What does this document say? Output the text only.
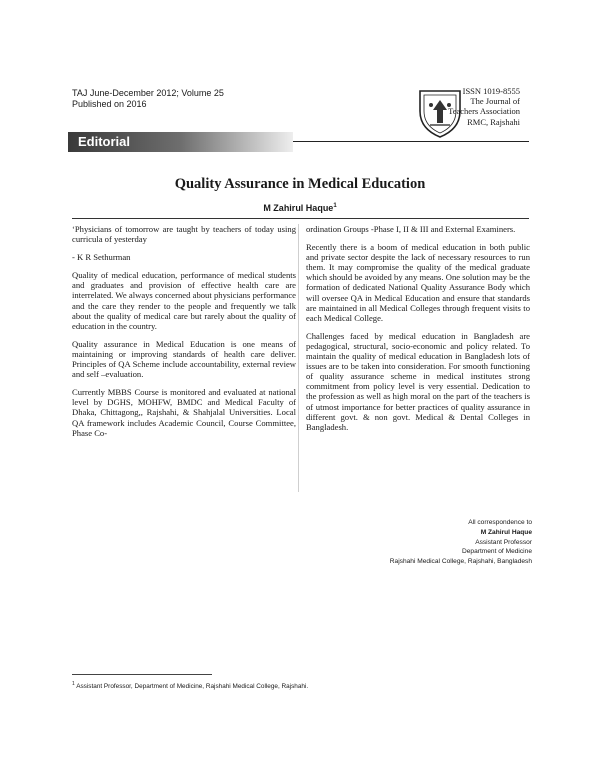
TAJ June-December 2012; Volume 25
Published on 2016
ISSN 1019-8555
The Journal of
Teachers Association
RMC, Rajshahi
Editorial
Quality Assurance in Medical Education
M Zahirul Haque$^1$

‘Physicians of tomorrow are taught by teachers of today using curricula of yesterday

- K R Sethurman

Quality of medical education, performance of medical students and graduates and provision of effective health care are interrelated. We always concerned about physicians performance and the care they render to the people and frequently we talk about the quality of medical care but rarely about the quality of education in the country.

Quality assurance in Medical Education is one means of maintaining or improving standards of health care deliver. Principles of QA Scheme include accountability, external review and self –evaluation.

Currently MBBS Course is monitored and evaluated at national level by DGHS, MOHFW, BMDC and Medical Faculty of Dhaka, Chittagong,, Rajshahi, & Shahjalal Universities. Local QA framework includes Academic Council, Course Committee, Phase Co-

ordination Groups -Phase I, II & III and External Examiners.

Recently there is a boom of medical education in both public and private sector despite the lack of necessary resources to run them. It may compromise the quality of the medical graduate which should be avoided by any means. One solution may be the formation of dedicated National Quality Assurance Body which will oversee QA in Medical Education and ensure that standards are maintained in all Medical Colleges through frequent visits to each Medical College.

Challenges faced by medical education in Bangladesh are pedagogical, structural, socio-economic and policy related. To maintain the quality of medical education in Bangladesh lots of issues are to be taken into consideration. For smooth functioning of quality assurance scheme in medical institutes strong commitment from policy level is very essential. Dedication to the profession as well as high moral on the part of the teachers is of utmost importance for better practices of quality assurance in different govt. & non govt. Medical & Dental Colleges in Bangladesh.

All correspondence to
M Zahirul Haque
Assistant Professor
Department of Medicine
Rajshahi Medical College, Rajshahi, Bangladesh
$^1$ Assistant Professor, Department of Medicine, Rajshahi Medical College, Rajshahi.
